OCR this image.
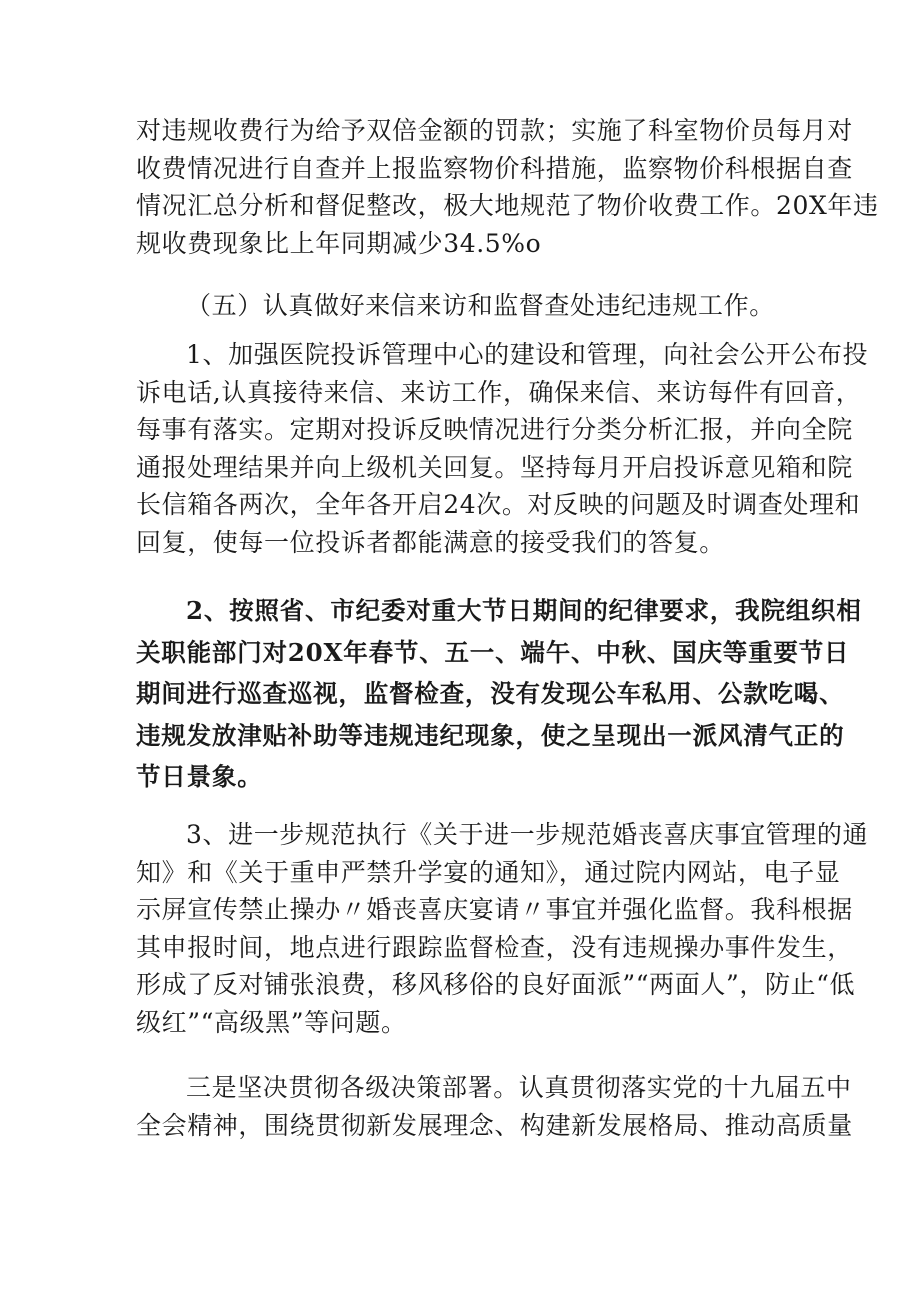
对违规收费行为给予双倍金额的罚款；实施了科室物价员每月对
收费情况进行自查并上报监察物价科措施，监察物价科根据自查
情况汇总分析和督促整改，极大地规范了物价收费工作。20X年违
规收费现象比上年同期减少34.5%o
（五）认真做好来信来访和监督查处违纪违规工作。
1、加强医院投诉管理中心的建设和管理，向社会公开公布投
诉电话,认真接待来信、来访工作，确保来信、来访每件有回音，
每事有落实。定期对投诉反映情况进行分类分析汇报，并向全院
通报处理结果并向上级机关回复。坚持每月开启投诉意见箱和院
长信箱各两次，全年各开启24次。对反映的问题及时调查处理和
回复，使每一位投诉者都能满意的接受我们的答复。
2、按照省、市纪委对重大节日期间的纪律要求，我院组织相
关职能部门对20X年春节、五一、端午、中秋、国庆等重要节日
期间进行巡查巡视，监督检查，没有发现公车私用、公款吃喝、
违规发放津贴补助等违规违纪现象，使之呈现出一派风清气正的
节日景象。
3、进一步规范执行《关于进一步规范婚丧喜庆事宜管理的通
知》和《关于重申严禁升学宴的通知》，通过院内网站，电子显
示屏宣传禁止操办〃婚丧喜庆宴请〃事宜并强化监督。我科根据
其申报时间，地点进行跟踪监督检查，没有违规操办事件发生，
形成了反对铺张浪费，移风移俗的良好面派”“两面人”，防止“低
级红”“高级黑”等问题。
三是坚决贯彻各级决策部署。认真贯彻落实党的十九届五中
全会精神，围绕贯彻新发展理念、构建新发展格局、推动高质量
